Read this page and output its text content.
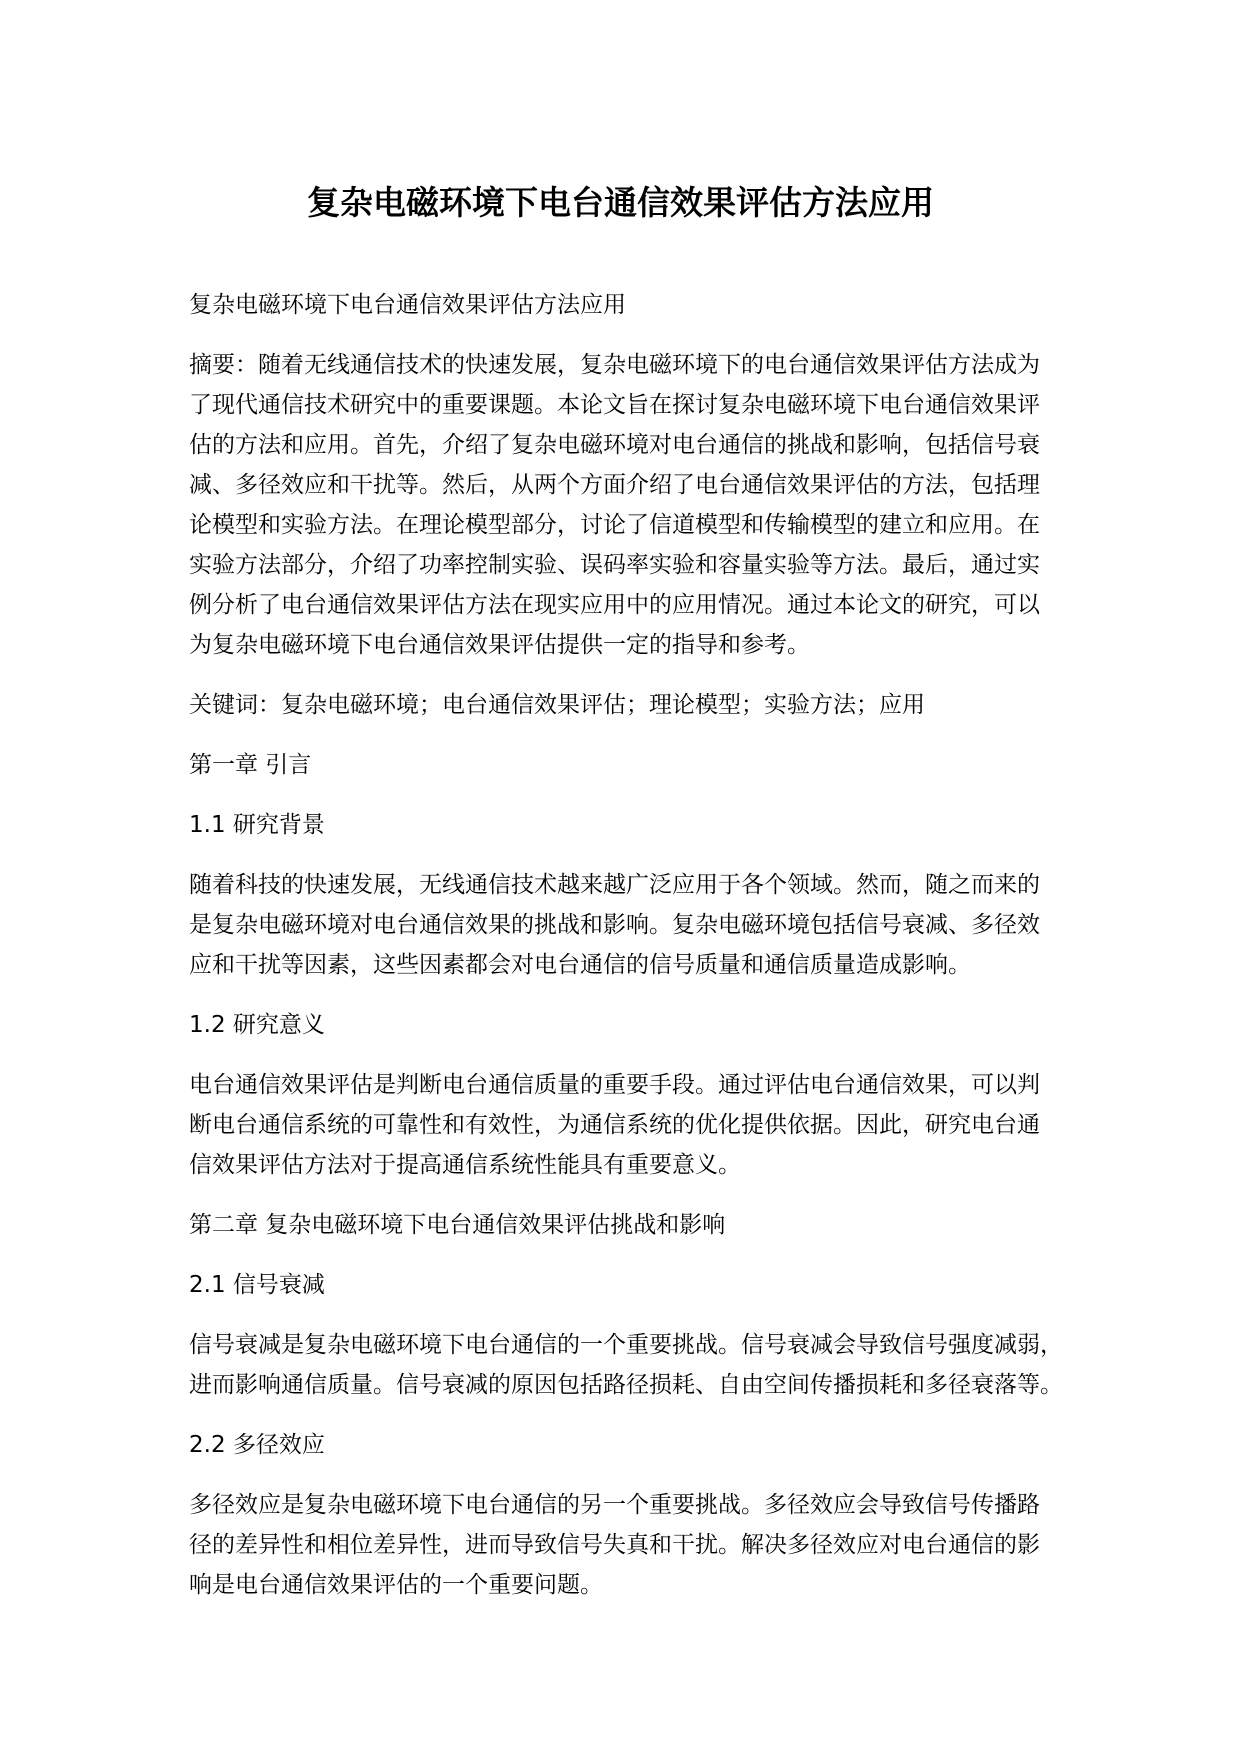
复杂电磁环境下电台通信效果评估方法应用
复杂电磁环境下电台通信效果评估方法应用
摘要：随着无线通信技术的快速发展，复杂电磁环境下的电台通信效果评估方法成为
了现代通信技术研究中的重要课题。本论文旨在探讨复杂电磁环境下电台通信效果评
估的方法和应用。首先，介绍了复杂电磁环境对电台通信的挑战和影响，包括信号衰
减、多径效应和干扰等。然后，从两个方面介绍了电台通信效果评估的方法，包括理
论模型和实验方法。在理论模型部分，讨论了信道模型和传输模型的建立和应用。在
实验方法部分，介绍了功率控制实验、误码率实验和容量实验等方法。最后，通过实
例分析了电台通信效果评估方法在现实应用中的应用情况。通过本论文的研究，可以
为复杂电磁环境下电台通信效果评估提供一定的指导和参考。
关键词：复杂电磁环境；电台通信效果评估；理论模型；实验方法；应用
第一章 引言
1.1 研究背景
随着科技的快速发展，无线通信技术越来越广泛应用于各个领域。然而，随之而来的
是复杂电磁环境对电台通信效果的挑战和影响。复杂电磁环境包括信号衰减、多径效
应和干扰等因素，这些因素都会对电台通信的信号质量和通信质量造成影响。
1.2 研究意义
电台通信效果评估是判断电台通信质量的重要手段。通过评估电台通信效果，可以判
断电台通信系统的可靠性和有效性，为通信系统的优化提供依据。因此，研究电台通
信效果评估方法对于提高通信系统性能具有重要意义。
第二章 复杂电磁环境下电台通信效果评估挑战和影响
2.1 信号衰减
信号衰减是复杂电磁环境下电台通信的一个重要挑战。信号衰减会导致信号强度减弱，
进而影响通信质量。信号衰减的原因包括路径损耗、自由空间传播损耗和多径衰落等。
2.2 多径效应
多径效应是复杂电磁环境下电台通信的另一个重要挑战。多径效应会导致信号传播路
径的差异性和相位差异性，进而导致信号失真和干扰。解决多径效应对电台通信的影
响是电台通信效果评估的一个重要问题。
